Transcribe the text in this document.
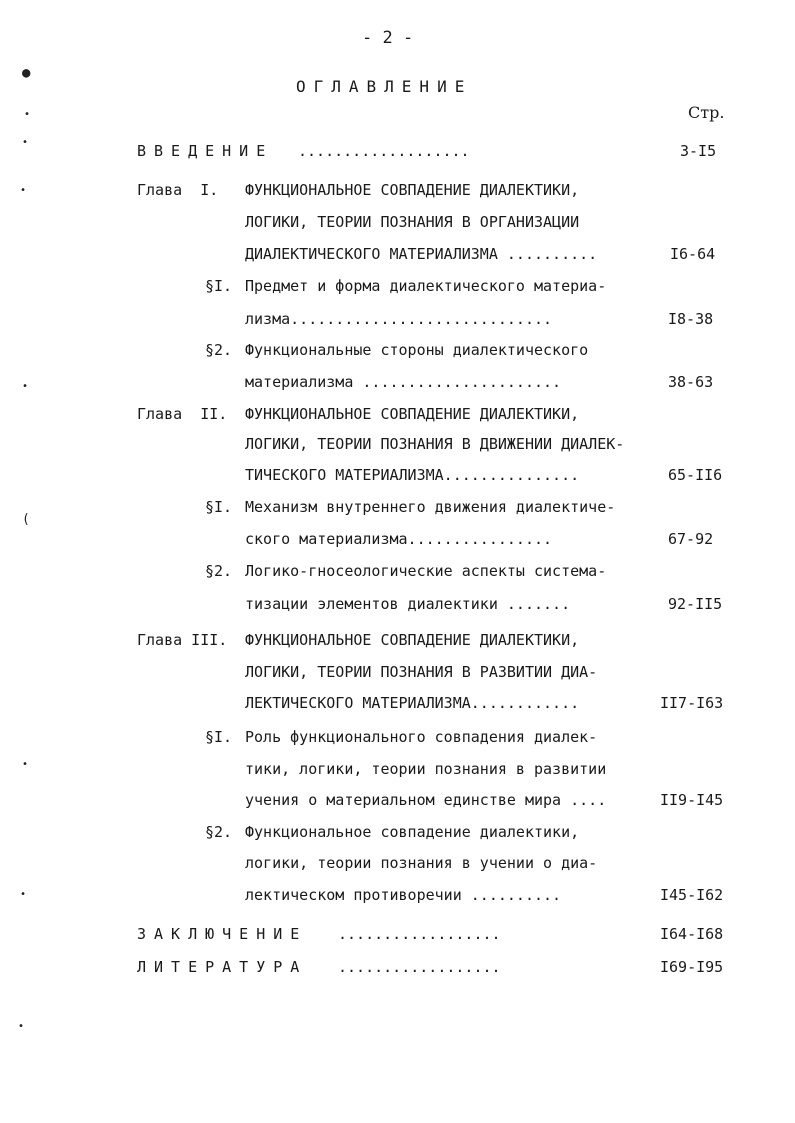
●
•
•
•
•
(
•
•
•
- 2 -
ОГЛАВЛЕНИЕ
Стр.
ВВЕДЕНИЕ ...................	3-I5
Глава  I. ФУНКЦИОНАЛЬНОЕ СОВПАДЕНИЕ ДИАЛЕКТИКИ,
ЛОГИКИ, ТЕОРИИ ПОЗНАНИЯ В ОРГАНИЗАЦИИ
ДИАЛЕКТИЧЕСКОГО МАТЕРИАЛИЗМА ..........	I6-64
§I. Предмет и форма диалектического материа-
лизма.............................	I8-38
§2. Функциональные стороны диалектического
материализма ......................	38-63
Глава  II. ФУНКЦИОНАЛЬНОЕ СОВПАДЕНИЕ ДИАЛЕКТИКИ,
ЛОГИКИ, ТЕОРИИ ПОЗНАНИЯ В ДВИЖЕНИИ ДИАЛЕК-
ТИЧЕСКОГО МАТЕРИАЛИЗМА...............	65-II6
§I. Механизм внутреннего движения диалектиче-
ского материализма................	67-92
§2. Логико-гносеологические аспекты система-
тизации элементов диалектики .......	92-II5
Глава III. ФУНКЦИОНАЛЬНОЕ СОВПАДЕНИЕ ДИАЛЕКТИКИ,
ЛОГИКИ, ТЕОРИИ ПОЗНАНИЯ В РАЗВИТИИ ДИА-
ЛЕКТИЧЕСКОГО МАТЕРИАЛИЗМА............	II7-I63
§I. Роль функционального совпадения диалек-
тики, логики, теории познания в развитии
учения о материальном единстве мира ....	II9-I45
§2. Функциональное совпадение диалектики,
логики, теории познания в учении о диа-
лектическом противоречии ..........	I45-I62
ЗАКЛЮЧЕНИЕ ..................	I64-I68
ЛИТЕРАТУРА ..................	I69-I95
